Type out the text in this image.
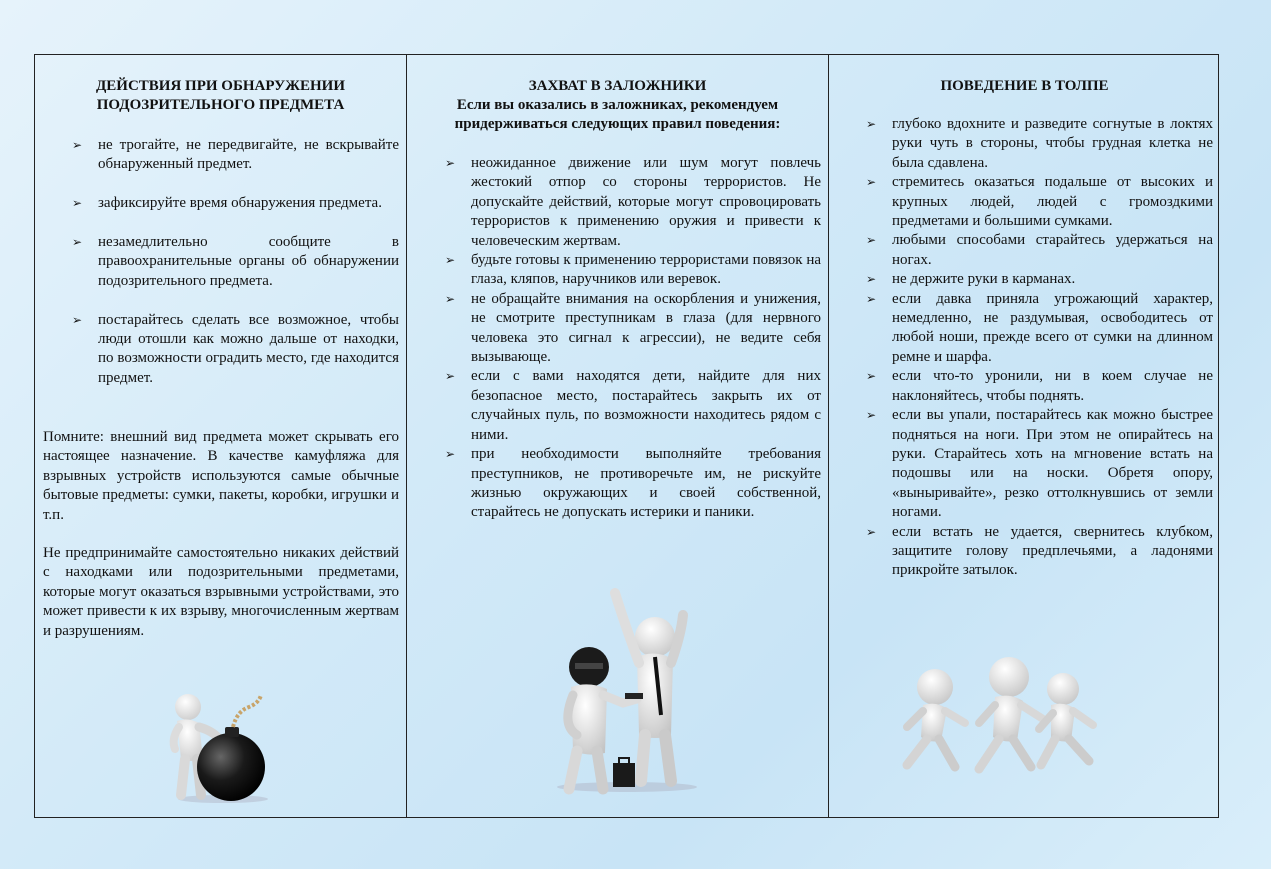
ДЕЙСТВИЯ ПРИ ОБНАРУЖЕНИИ
ПОДОЗРИТЕЛЬНОГО ПРЕДМЕТА
➢ не трогайте, не передвигайте, не вскрывайте обнаруженный предмет.
➢ зафиксируйте время обнаружения предмета.
➢ незамедлительно сообщите в правоохранительные органы об обнаружении подозрительного предмета.
➢ постарайтесь сделать все возможное, чтобы люди отошли как можно дальше от находки, по возможности оградить место, где находится предмет.

Помните: внешний вид предмета может скрывать его настоящее назначение. В качестве камуфляжа для взрывных устройств используются самые обычные бытовые предметы: сумки, пакеты, коробки, игрушки и т.п.

Не предпринимайте самостоятельно никаких действий с находками или подозрительными предметами, которые могут оказаться взрывными устройствами, это может привести к их взрыву, многочисленным жертвам и разрушениям.

ЗАХВАТ В ЗАЛОЖНИКИ

Если вы оказались в заложниках, рекомендуем
придерживаться следующих правил поведения:

➢ неожиданное движение или шум могут повлечь жестокий отпор со стороны террористов. Не допускайте действий, которые могут спровоцировать террористов к применению оружия и привести к человеческим жертвам.
➢ будьте готовы к применению террористами повязок на глаза, кляпов, наручников или веревок.
➢ не обращайте внимания на оскорбления и унижения, не смотрите преступникам в глаза (для нервного человека это сигнал к агрессии), не ведите себя вызывающе.
➢ если с вами находятся дети, найдите для них безопасное место, постарайтесь закрыть их от случайных пуль, по возможности находитесь рядом с ними.
➢ при необходимости выполняйте требования преступников, не противоречьте им, не рискуйте жизнью окружающих и своей собственной, старайтесь не допускать истерики и паники.
ПОВЕДЕНИЕ В ТОЛПЕ
➢ глубоко вдохните и разведите согнутые в локтях руки чуть в стороны, чтобы грудная клетка не была сдавлена.
➢ стремитесь оказаться подальше от высоких и крупных людей, людей с громоздкими предметами и большими сумками.
➢ любыми способами старайтесь удержаться на ногах.
➢ не держите руки в карманах.
➢ если давка приняла угрожающий характер, немедленно, не раздумывая, освободитесь от любой ноши, прежде всего от сумки на длинном ремне и шарфа.
➢ если что-то уронили, ни в коем случае не наклоняйтесь, чтобы поднять.
➢ если вы упали, постарайтесь как можно быстрее подняться на ноги. При этом не опирайтесь на руки. Старайтесь хоть на мгновение встать на подошвы или на носки. Обретя опору, «выныривайте», резко оттолкнувшись от земли ногами.
➢ если встать не удается, свернитесь клубком, защитите голову предплечьями, а ладонями прикройте затылок.
